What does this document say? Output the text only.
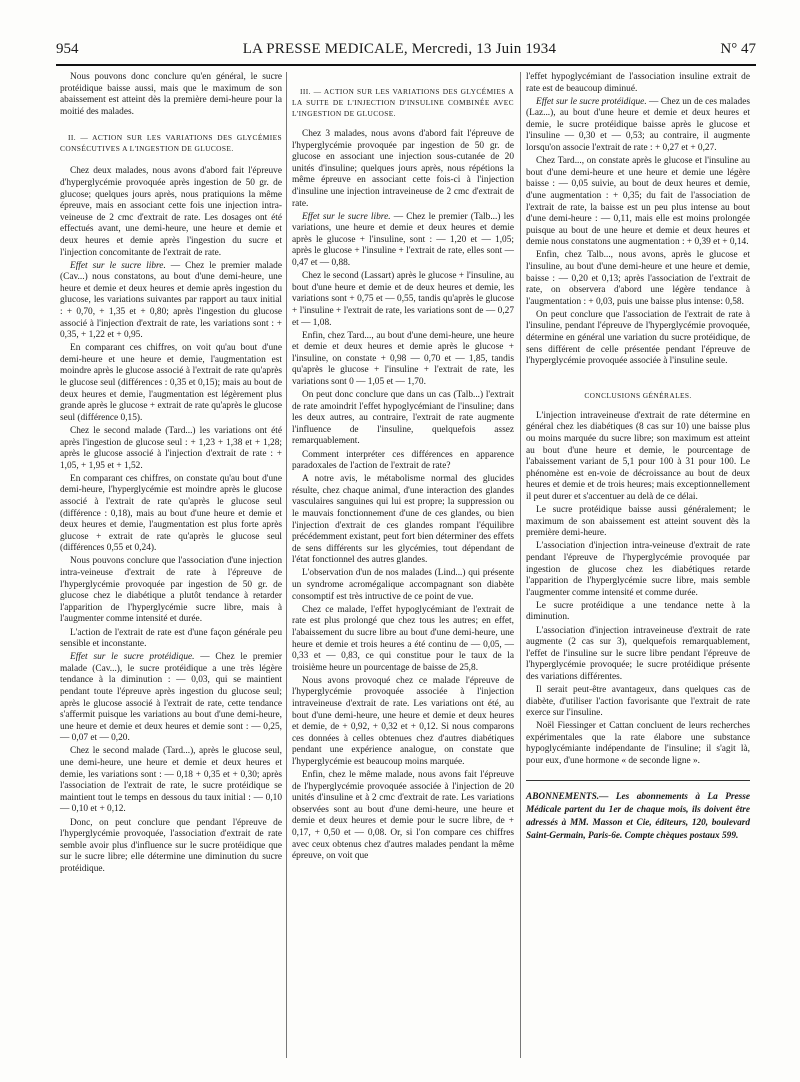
954	LA PRESSE MEDICALE, Mercredi, 13 Juin 1934	N° 47

Nous pouvons donc conclure qu'en général, le sucre protéidique baisse aussi, mais que le maximum de son abaissement est atteint dès la première demi-heure pour la moitié des malades.

II. — ACTION SUR LES VARIATIONS DES GLYCÉMIES CONSÉCUTIVES A L'INGESTION DE GLUCOSE.

Chez deux malades, nous avons d'abord fait l'épreuve d'hyperglycémie provoquée après ingestion de 50 gr. de glucose; quelques jours après, nous pratiquions la même épreuve, mais en associant cette fois une injection intra-veineuse de 2 cmc d'extrait de rate. Les dosages ont été effectués avant, une demi-heure, une heure et demie et deux heures et demie après l'ingestion du sucre et l'injection concomitante de l'extrait de rate.

Effet sur le sucre libre. — Chez le premier malade (Cav...) nous constatons, au bout d'une demi-heure, une heure et demie et deux heures et demie après ingestion du glucose, les variations suivantes par rapport au taux initial : + 0,70, + 1,35 et + 0,80; après l'ingestion du glucose associé à l'injection d'extrait de rate, les variations sont : + 0,35, + 1,22 et + 0,95.

En comparant ces chiffres, on voit qu'au bout d'une demi-heure et une heure et demie, l'augmentation est moindre après le glucose associé à l'extrait de rate qu'après le glucose seul (différences : 0,35 et 0,15); mais au bout de deux heures et demie, l'augmentation est légèrement plus grande après le glucose + extrait de rate qu'après le glucose seul (différence 0,15).

Chez le second malade (Tard...) les variations ont été après l'ingestion de glucose seul : + 1,23 + 1,38 et + 1,28; après le glucose associé à l'injection d'extrait de rate : + 1,05, + 1,95 et + 1,52.

En comparant ces chiffres, on constate qu'au bout d'une demi-heure, l'hyperglycémie est moindre après le glucose associé à l'extrait de rate qu'après le glucose seul (différence : 0,18), mais au bout d'une heure et demie et deux heures et demie, l'augmentation est plus forte après glucose + extrait de rate qu'après le glucose seul (différences 0,55 et 0,24).

Nous pouvons conclure que l'association d'une injection intra-veineuse d'extrait de rate à l'épreuve de l'hyperglycémie provoquée par ingestion de 50 gr. de glucose chez le diabétique a plutôt tendance à retarder l'apparition de l'hyperglycémie sucre libre, mais à l'augmenter comme intensité et durée.

L'action de l'extrait de rate est d'une façon générale peu sensible et inconstante.

Effet sur le sucre protéidique. — Chez le premier malade (Cav...), le sucre protéidique a une très légère tendance à la diminution : — 0,03, qui se maintient pendant toute l'épreuve après ingestion du glucose seul; après le glucose associé à l'extrait de rate, cette tendance s'affermit puisque les variations au bout d'une demi-heure, une heure et demie et deux heures et demie sont : — 0,25, — 0,07 et — 0,20.

Chez le second malade (Tard...), après le glucose seul, une demi-heure, une heure et demie et deux heures et demie, les variations sont : — 0,18 + 0,35 et + 0,30; après l'association de l'extrait de rate, le sucre protéidique se maintient tout le temps en dessous du taux initial : — 0,10 — 0,10 et + 0,12.

Donc, on peut conclure que pendant l'épreuve de l'hyperglycémie provoquée, l'association d'extrait de rate semble avoir plus d'influence sur le sucre protéidique que sur le sucre libre; elle détermine une diminution du sucre protéidique.

III. — ACTION SUR LES VARIATIONS DES GLYCÉMIES A LA SUITE DE L'INJECTION D'INSULINE COMBINÉE AVEC L'INGESTION DE GLUCOSE.

Chez 3 malades, nous avons d'abord fait l'épreuve de l'hyperglycémie provoquée par ingestion de 50 gr. de glucose en associant une injection sous-cutanée de 20 unités d'insuline; quelques jours après, nous répétions la même épreuve en associant cette fois-ci à l'injection d'insuline une injection intraveineuse de 2 cmc d'extrait de rate.

Effet sur le sucre libre. — Chez le premier (Talb...) les variations, une heure et demie et deux heures et demie après le glucose + l'insuline, sont : — 1,20 et — 1,05; après le glucose + l'insuline + l'extrait de rate, elles sont — 0,47 et — 0,88.

Chez le second (Lassart) après le glucose + l'insuline, au bout d'une heure et demie et de deux heures et demie, les variations sont + 0,75 et — 0,55, tandis qu'après le glucose + l'insuline + l'extrait de rate, les variations sont de — 0,27 et — 1,08.

Enfin, chez Tard..., au bout d'une demi-heure, une heure et demie et deux heures et demie après le glucose + l'insuline, on constate + 0,98 — 0,70 et — 1,85, tandis qu'après le glucose + l'insuline + l'extrait de rate, les variations sont 0 — 1,05 et — 1,70.

On peut donc conclure que dans un cas (Talb...) l'extrait de rate amoindrit l'effet hypoglycémiant de l'insuline; dans les deux autres, au contraire, l'extrait de rate augmente l'influence de l'insuline, quelquefois assez remarquablement.

Comment interpréter ces différences en apparence paradoxales de l'action de l'extrait de rate?

A notre avis, le métabolisme normal des glucides résulte, chez chaque animal, d'une interaction des glandes vasculaires sanguines qui lui est propre; la suppression ou le mauvais fonctionnement d'une de ces glandes, ou bien l'injection d'extrait de ces glandes rompant l'équilibre précédemment existant, peut fort bien déterminer des effets de sens différents sur les glycémies, tout dépendant de l'état fonctionnel des autres glandes.

L'observation d'un de nos malades (Lind...) qui présente un syndrome acromégalique accompagnant son diabète consomptif est très intructive de ce point de vue.

Chez ce malade, l'effet hypoglycémiant de l'extrait de rate est plus prolongé que chez tous les autres; en effet, l'abaissement du sucre libre au bout d'une demi-heure, une heure et demie et trois heures a été continu de — 0,05, — 0,33 et — 0,83, ce qui constitue pour le taux de la troisième heure un pourcentage de baisse de 25,8.

Nous avons provoqué chez ce malade l'épreuve de l'hyperglycémie provoquée associée à l'injection intraveineuse d'extrait de rate. Les variations ont été, au bout d'une demi-heure, une heure et demie et deux heures et demie, de + 0,92, + 0,32 et + 0,12. Si nous comparons ces données à celles obtenues chez d'autres diabétiques pendant une expérience analogue, on constate que l'hyperglycémie est beaucoup moins marquée.

Enfin, chez le même malade, nous avons fait l'épreuve de l'hyperglycémie provoquée associée à l'injection de 20 unités d'insuline et à 2 cmc d'extrait de rate. Les variations observées sont au bout d'une demi-heure, une heure et demie et deux heures et demie pour le sucre libre, de + 0,17, + 0,50 et — 0,08. Or, si l'on compare ces chiffres avec ceux obtenus chez d'autres malades pendant la même épreuve, on voit que

l'effet hypoglycémiant de l'association insuline extrait de rate est de beaucoup diminué.

Effet sur le sucre protéidique. — Chez un de ces malades (Laz...), au bout d'une heure et demie et deux heures et demie, le sucre protéidique baisse après le glucose et l'insuline — 0,30 et — 0,53; au contraire, il augmente lorsqu'on associe l'extrait de rate : + 0,27 et + 0,27.

Chez Tard..., on constate après le glucose et l'insuline au bout d'une demi-heure et une heure et demie une légère baisse : — 0,05 suivie, au bout de deux heures et demie, d'une augmentation : + 0,35; du fait de l'association de l'extrait de rate, la baisse est un peu plus intense au bout d'une demi-heure : — 0,11, mais elle est moins prolongée puisque au bout de une heure et demie et deux heures et demie nous constatons une augmentation : + 0,39 et + 0,14.

Enfin, chez Talb..., nous avons, après le glucose et l'insuline, au bout d'une demi-heure et une heure et demie, baisse : — 0,20 et 0,13; après l'association de l'extrait de rate, on observera d'abord une légère tendance à l'augmentation : + 0,03, puis une baisse plus intense: 0,58.

On peut conclure que l'association de l'extrait de rate à l'insuline, pendant l'épreuve de l'hyperglycémie provoquée, détermine en général une variation du sucre protéidique, de sens différent de celle présentée pendant l'épreuve de l'hyperglycémie provoquée associée à l'insuline seule.

CONCLUSIONS GÉNÉRALES.

L'injection intraveineuse d'extrait de rate détermine en général chez les diabétiques (8 cas sur 10) une baisse plus ou moins marquée du sucre libre; son maximum est atteint au bout d'une heure et demie, le pourcentage de l'abaissement variant de 5,1 pour 100 à 31 pour 100. Le phénomène est en-voie de décroissance au bout de deux heures et demie et de trois heures; mais exceptionnellement il peut durer et s'accentuer au delà de ce délai.

Le sucre protéidique baisse aussi généralement; le maximum de son abaissement est atteint souvent dès la première demi-heure.

L'association d'injection intra-veineuse d'extrait de rate pendant l'épreuve de l'hyperglycémie provoquée par ingestion de glucose chez les diabétiques retarde l'apparition de l'hyperglycémie sucre libre, mais semble l'augmenter comme intensité et comme durée.

Le sucre protéidique a une tendance nette à la diminution.

L'association d'injection intraveineuse d'extrait de rate augmente (2 cas sur 3), quelquefois remarquablement, l'effet de l'insuline sur le sucre libre pendant l'épreuve de l'hyperglycémie provoquée; le sucre protéidique présente des variations différentes.

Il serait peut-être avantageux, dans quelques cas de diabète, d'utiliser l'action favorisante que l'extrait de rate exerce sur l'insuline.

Noël Fiessinger et Cattan concluent de leurs recherches expérimentales que la rate élabore une substance hypoglycémiante indépendante de l'insuline; il s'agit là, pour eux, d'une hormone « de seconde ligne ».

ABONNEMENTS.— Les abonnements à La Presse Médicale partent du 1er de chaque mois, ils doivent être adressés à MM. Masson et Cie, éditeurs, 120, boulevard Saint-Germain, Paris-6e. Compte chèques postaux 599.
